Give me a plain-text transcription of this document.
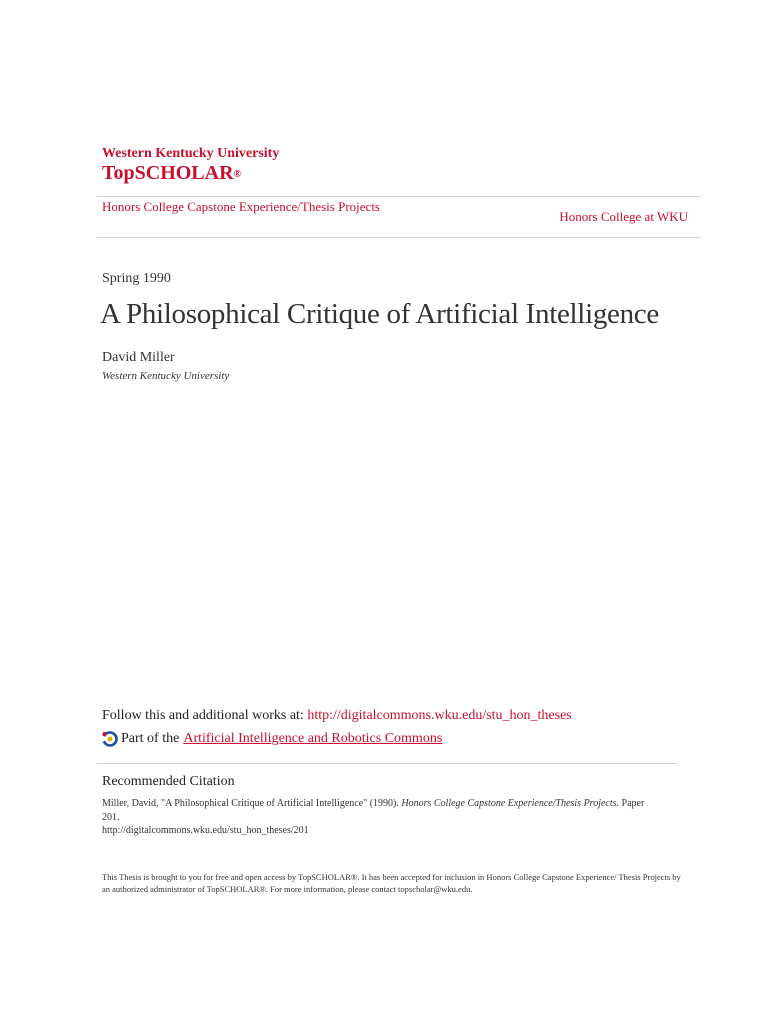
Western Kentucky University
TopSCHOLAR®
Honors College Capstone Experience/Thesis Projects
Honors College at WKU
Spring 1990
A Philosophical Critique of Artificial Intelligence
David Miller
Western Kentucky University
Follow this and additional works at: http://digitalcommons.wku.edu/stu_hon_theses
Part of the Artificial Intelligence and Robotics Commons
Recommended Citation
Miller, David, "A Philosophical Critique of Artificial Intelligence" (1990). Honors College Capstone Experience/Thesis Projects. Paper 201.
http://digitalcommons.wku.edu/stu_hon_theses/201
This Thesis is brought to you for free and open access by TopSCHOLAR®. It has been accepted for inclusion in Honors College Capstone Experience/ Thesis Projects by an authorized administrator of TopSCHOLAR®. For more information, please contact topscholar@wku.edu.
